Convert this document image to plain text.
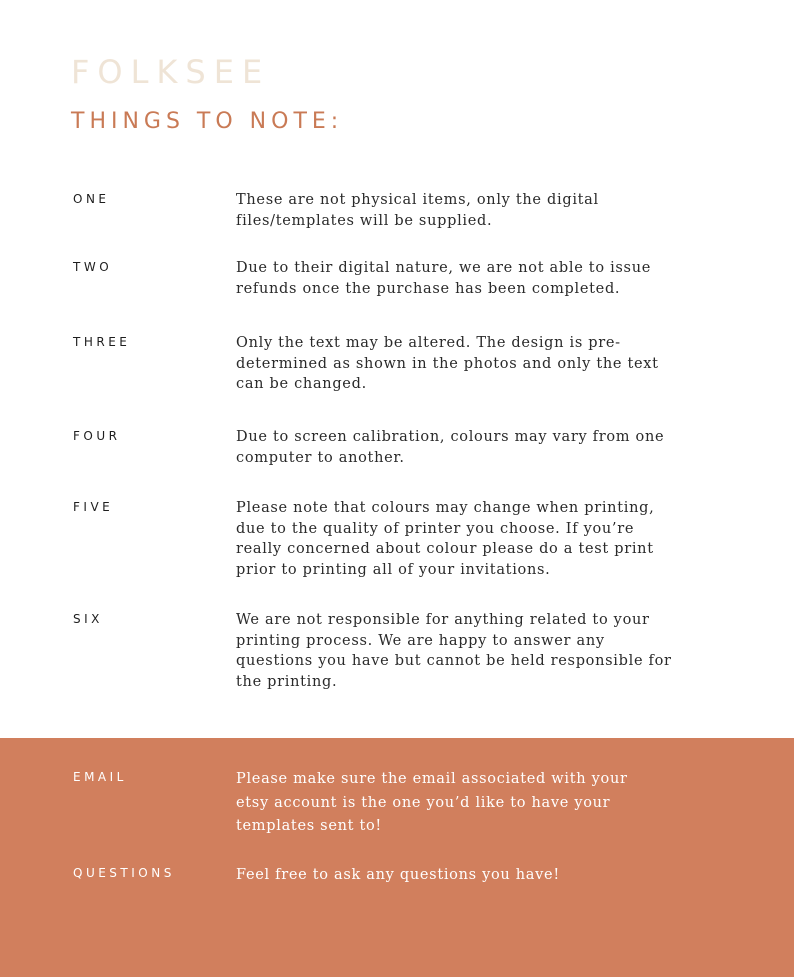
FOLKSEE
THINGS TO NOTE:
ONE	These are not physical items, only the digital files/templates will be supplied.

TWO	Due to their digital nature, we are not able to issue refunds once the purchase has been completed.

THREE	Only the text may be altered. The design is pre-determined as shown in the photos and only the text can be changed.

FOUR	Due to screen calibration, colours may vary from one computer to another.

FIVE	Please note that colours may change when printing, due to the quality of printer you choose. If you’re really concerned about colour please do a test print prior to printing all of your invitations.

SIX	We are not responsible for anything related to your printing process. We are happy to answer any questions you have but cannot be held responsible for the printing.

EMAIL	Please make sure the email associated with your etsy account is the one you’d like to have your templates sent to!

QUESTIONS	Feel free to ask any questions you have!
